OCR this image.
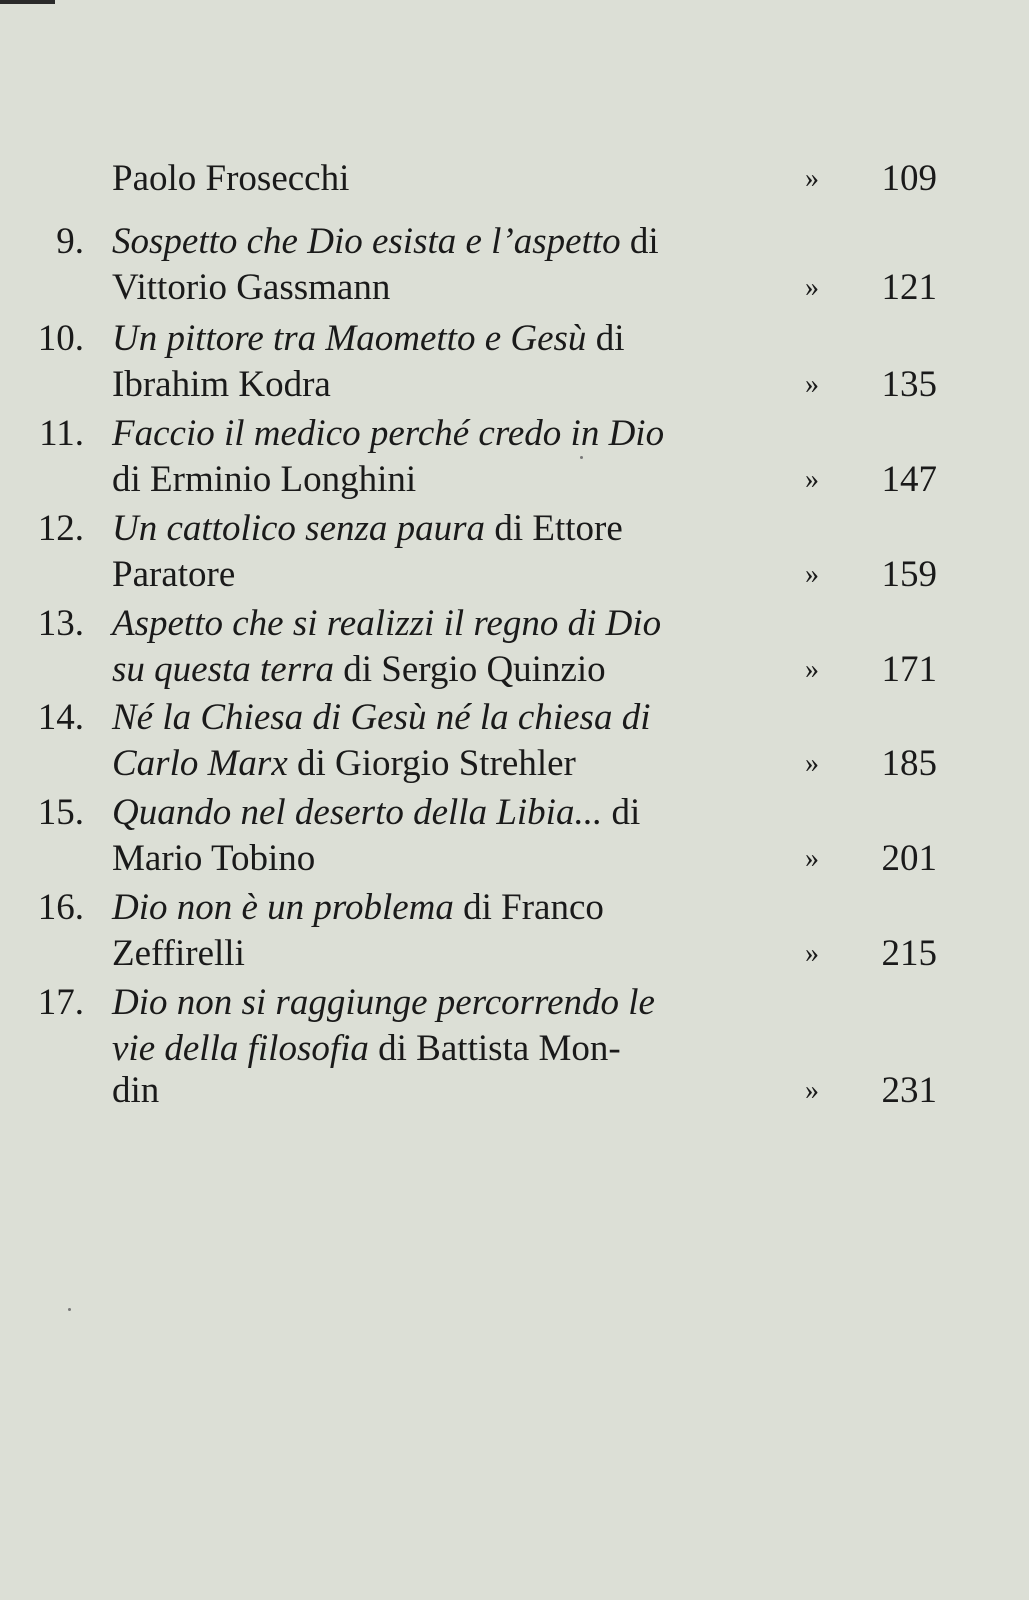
Paolo Frosecchi	» 109
9. Sospetto che Dio esista e l’aspetto di
Vittorio Gassmann	» 121
10. Un pittore tra Maometto e Gesù di
Ibrahim Kodra	» 135
11. Faccio il medico perché credo in Dio
di Erminio Longhini	» 147
12. Un cattolico senza paura di Ettore
Paratore	» 159
13. Aspetto che si realizzi il regno di Dio
su questa terra di Sergio Quinzio	» 171
14. Né la Chiesa di Gesù né la chiesa di
Carlo Marx di Giorgio Strehler	» 185
15. Quando nel deserto della Libia... di
Mario Tobino	» 201
16. Dio non è un problema di Franco
Zeffirelli	» 215
17. Dio non si raggiunge percorrendo le
vie della filosofia di Battista Mon-
din	» 231
